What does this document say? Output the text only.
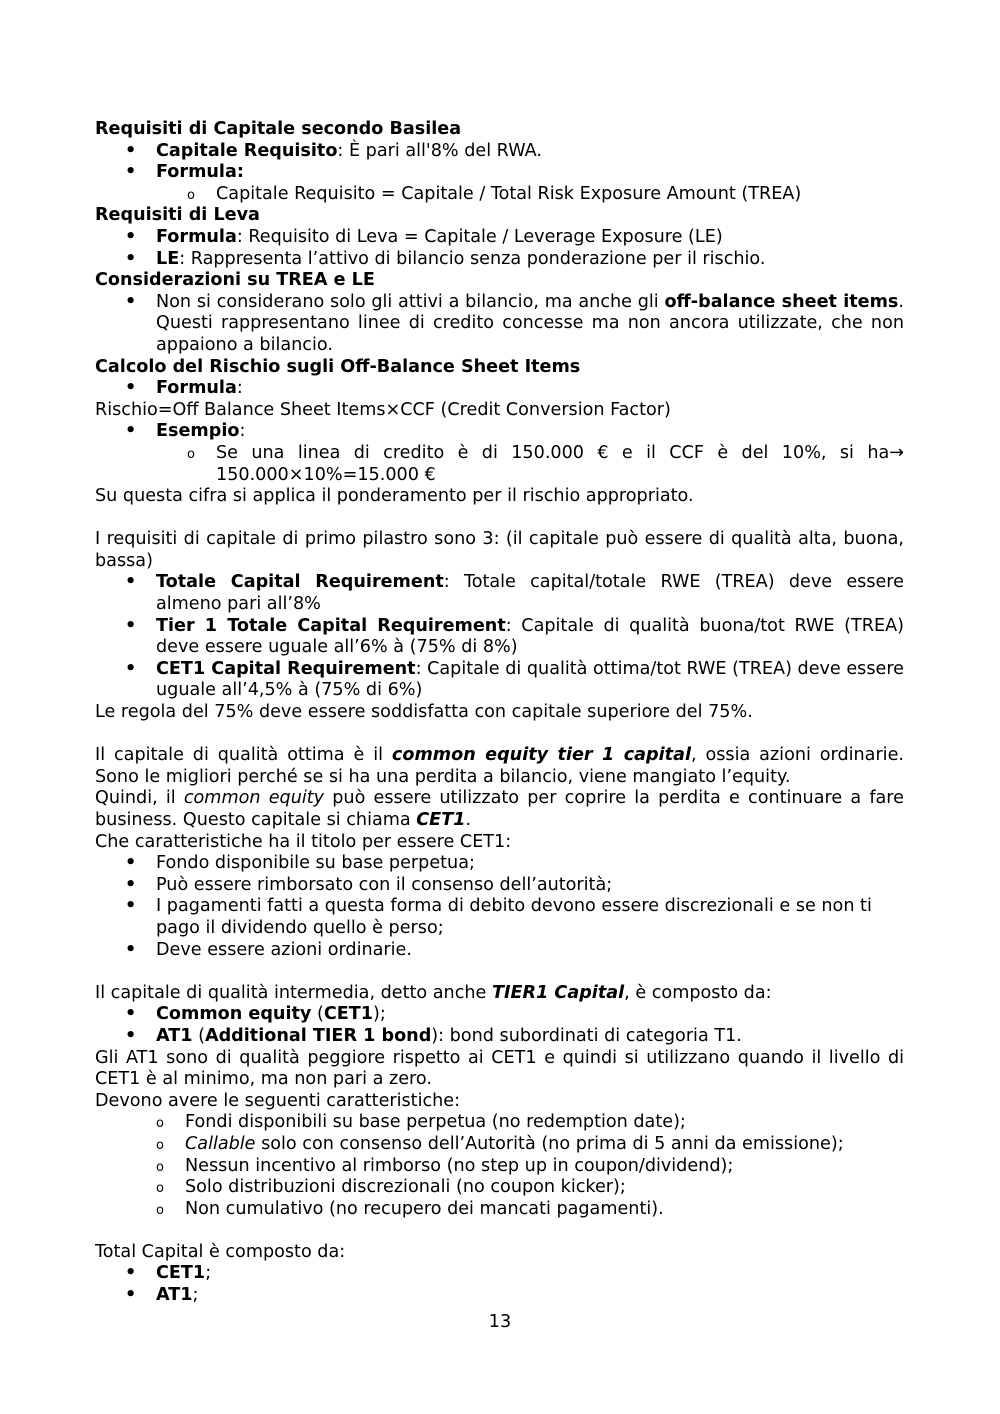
Requisiti di Capitale secondo Basilea

• Capitale Requisito: È pari all'8% del RWA.
• Formula:
o Capitale Requisito = Capitale / Total Risk Exposure Amount (TREA)

Requisiti di Leva

• Formula: Requisito di Leva = Capitale / Leverage Exposure (LE)
• LE: Rappresenta l’attivo di bilancio senza ponderazione per il rischio.

Considerazioni su TREA e LE

• Non si considerano solo gli attivi a bilancio, ma anche gli off-balance sheet items. Questi rappresentano linee di credito concesse ma non ancora utilizzate, che non appaiono a bilancio.

Calcolo del Rischio sugli Off-Balance Sheet Items

• Formula:

Rischio=Off Balance Sheet Items×CCF (Credit Conversion Factor)

• Esempio:
o Se una linea di credito è di 150.000 € e il CCF è del 10%, si ha→ 150.000×10%=15.000 €

Su questa cifra si applica il ponderamento per il rischio appropriato.

I requisiti di capitale di primo pilastro sono 3: (il capitale può essere di qualità alta, buona, bassa)

• Totale Capital Requirement: Totale capital/totale RWE (TREA) deve essere almeno pari all’8%
• Tier 1 Totale Capital Requirement: Capitale di qualità buona/tot RWE (TREA) deve essere uguale all’6% à (75% di 8%)
• CET1 Capital Requirement: Capitale di qualità ottima/tot RWE (TREA) deve essere uguale all’4,5% à (75% di 6%)

Le regola del 75% deve essere soddisfatta con capitale superiore del 75%.

Il capitale di qualità ottima è il common equity tier 1 capital, ossia azioni ordinarie. Sono le migliori perché se si ha una perdita a bilancio, viene mangiato l’equity.

Quindi, il common equity può essere utilizzato per coprire la perdita e continuare a fare business. Questo capitale si chiama CET1.

Che caratteristiche ha il titolo per essere CET1:

• Fondo disponibile su base perpetua;
• Può essere rimborsato con il consenso dell’autorità;
• I pagamenti fatti a questa forma di debito devono essere discrezionali e se non ti pago il dividendo quello è perso;
• Deve essere azioni ordinarie.

Il capitale di qualità intermedia, detto anche TIER1 Capital, è composto da:

• Common equity (CET1);
• AT1 (Additional TIER 1 bond): bond subordinati di categoria T1.

Gli AT1 sono di qualità peggiore rispetto ai CET1 e quindi si utilizzano quando il livello di CET1 è al minimo, ma non pari a zero.

Devono avere le seguenti caratteristiche:

o Fondi disponibili su base perpetua (no redemption date);
o Callable solo con consenso dell’Autorità (no prima di 5 anni da emissione);
o Nessun incentivo al rimborso (no step up in coupon/dividend);
o Solo distribuzioni discrezionali (no coupon kicker);
o Non cumulativo (no recupero dei mancati pagamenti).

Total Capital è composto da:

• CET1;
• AT1;
13
